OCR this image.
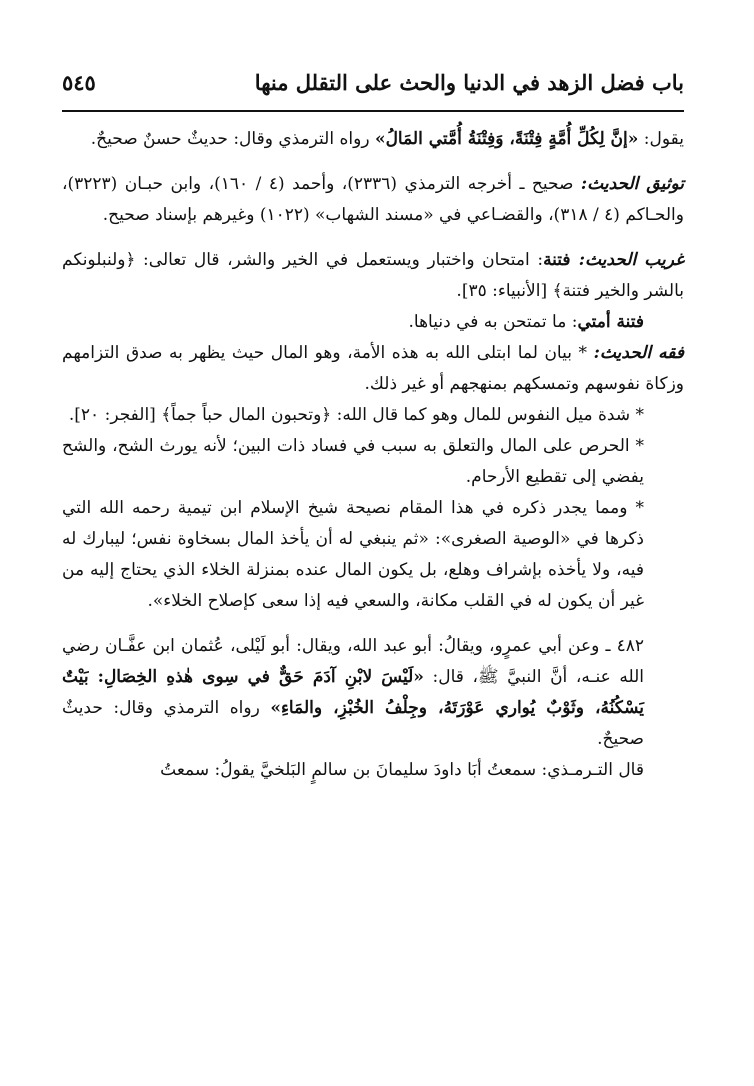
باب فضل الزهد في الدنيا والحث على التقلل منها
٥٤٥

يقول: «إنَّ لِكُلِّ أُمَّةٍ فِتْنَةً، وَفِتْنَةُ أُمَّتي المَالُ» رواه الترمذي وقال: حديثٌ حسنٌ صحيحٌ.

توثيق الحديث: صحيح ـ أخرجه الترمذي (٢٣٣٦)، وأحمد (٤ / ١٦٠)، وابن حبـان (٣٢٢٣)، والحـاكم (٤ / ٣١٨)، والقضـاعي في «مسند الشهاب» (١٠٢٢) وغيرهم بإسناد صحيح.

غريب الحديث: فتنة: امتحان واختبار ويستعمل في الخير والشر، قال تعالى: ﴿ولنبلونكم بالشر والخير فتنة﴾ [الأنبياء: ٣٥].

فتنة أمتي: ما تمتحن به في دنياها.

فقه الحديث: * بيان لما ابتلى الله به هذه الأمة، وهو المال حيث يظهر به صدق التزامهم وزكاة نفوسهم وتمسكهم بمنهجهم أو غير ذلك.

* شدة ميل النفوس للمال وهو كما قال الله: ﴿وتحبون المال حباً جماً﴾ [الفجر: ٢٠].

* الحرص على المال والتعلق به سبب في فساد ذات البين؛ لأنه يورث الشح، والشح يفضي إلى تقطيع الأرحام.

* ومما يجدر ذكره في هذا المقام نصيحة شيخ الإسلام ابن تيمية رحمه الله التي ذكرها في «الوصية الصغرى»: «ثم ينبغي له أن يأخذ المال بسخاوة نفس؛ ليبارك له فيه، ولا يأخذه بإشراف وهلع، بل يكون المال عنده بمنزلة الخلاء الذي يحتاج إليه من غير أن يكون له في القلب مكانة، والسعي فيه إذا سعى كإصلاح الخلاء».

٤٨٢ ـ وعن أبي عمرٍو، ويقالُ: أبو عبد الله، ويقال: أبو لَيْلى، عُثمان ابن عفَّـان رضي الله عنـه، أنَّ النبيَّ ﷺ، قال: «لَيْسَ لابْنِ آدَمَ حَقٌّ في سِوى هٰذهِ الخِصَالِ: بَيْتٌ يَسْكُنُهُ، وثَوْبٌ يُواري عَوْرَتَهُ، وجِلْفُ الخُبْزِ، والمَاءِ» رواه الترمذي وقال: حديثٌ صحيحٌ.

قال التـرمـذي: سمعتُ أبَا داودَ سليمانَ بن سالمٍ البَلخيَّ يقولُ: سمعتُ
